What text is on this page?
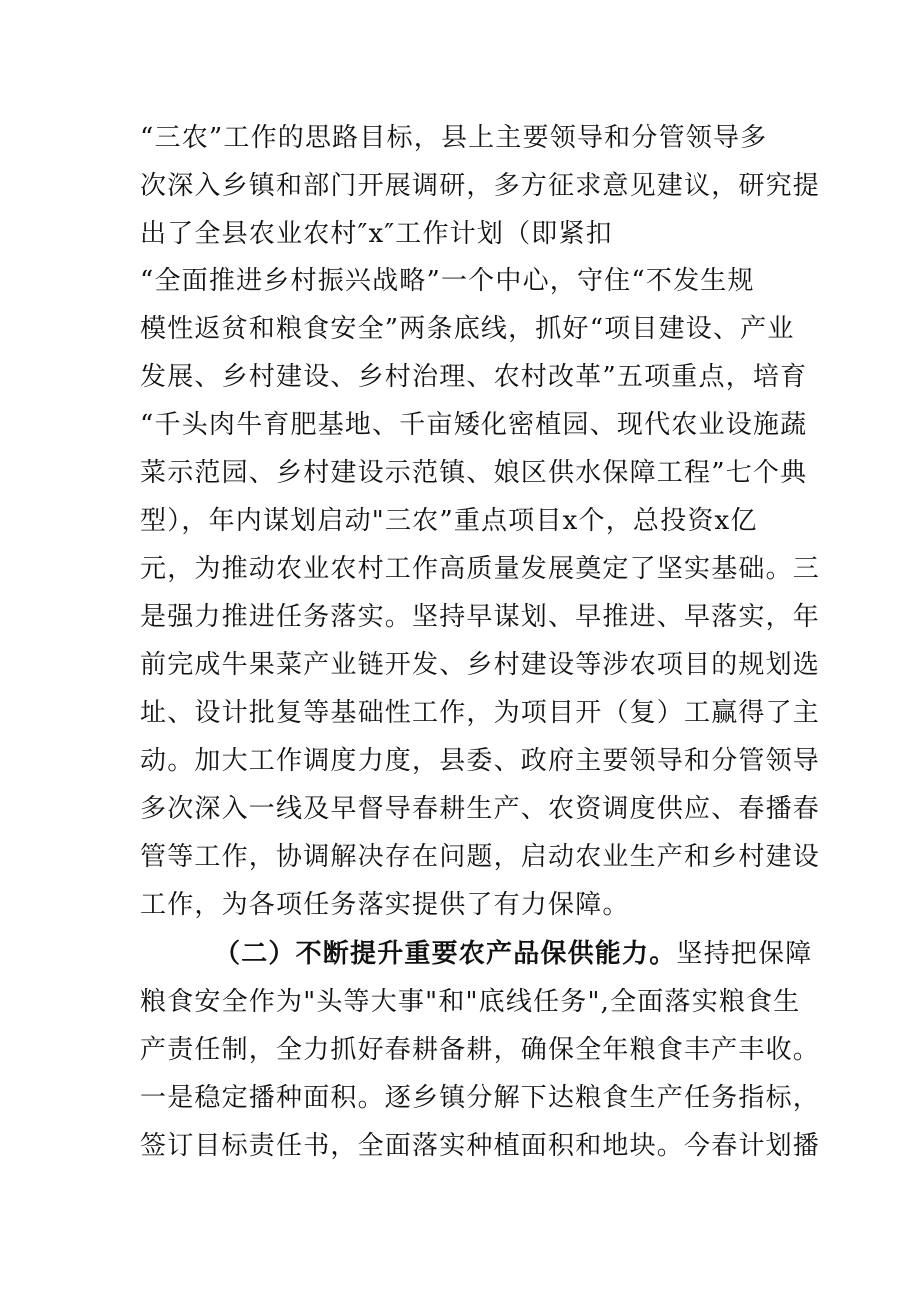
“三农”工作的思路目标，县上主要领导和分管领导多
次深入乡镇和部门开展调研，多方征求意见建议，研究提
出了全县农业农村″x″工作计划（即紧扣
“全面推进乡村振兴战略”一个中心，守住“不发生规
模性返贫和粮食安全”两条底线，抓好“项目建设、产业
发展、乡村建设、乡村治理、农村改革”五项重点，培育
“千头肉牛育肥基地、千亩矮化密植园、现代农业设施蔬
菜示范园、乡村建设示范镇、娘区供水保障工程”七个典
型），年内谋划启动"三农”重点项目x个，总投资x亿
元，为推动农业农村工作高质量发展奠定了坚实基础。三
是强力推进任务落实。坚持早谋划、早推进、早落实，年
前完成牛果菜产业链开发、乡村建设等涉农项目的规划选
址、设计批复等基础性工作，为项目开（复）工赢得了主
动。加大工作调度力度，县委、政府主要领导和分管领导
多次深入一线及早督导春耕生产、农资调度供应、春播春
管等工作，协调解决存在问题，启动农业生产和乡村建设
工作，为各项任务落实提供了有力保障。
（二）不断提升重要农产品保供能力。坚持把保障
粮食安全作为"头等大事"和"底线任务",全面落实粮食生
产责任制，全力抓好春耕备耕，确保全年粮食丰产丰收。
一是稳定播种面积。逐乡镇分解下达粮食生产任务指标，
签订目标责任书，全面落实种植面积和地块。今春计划播
